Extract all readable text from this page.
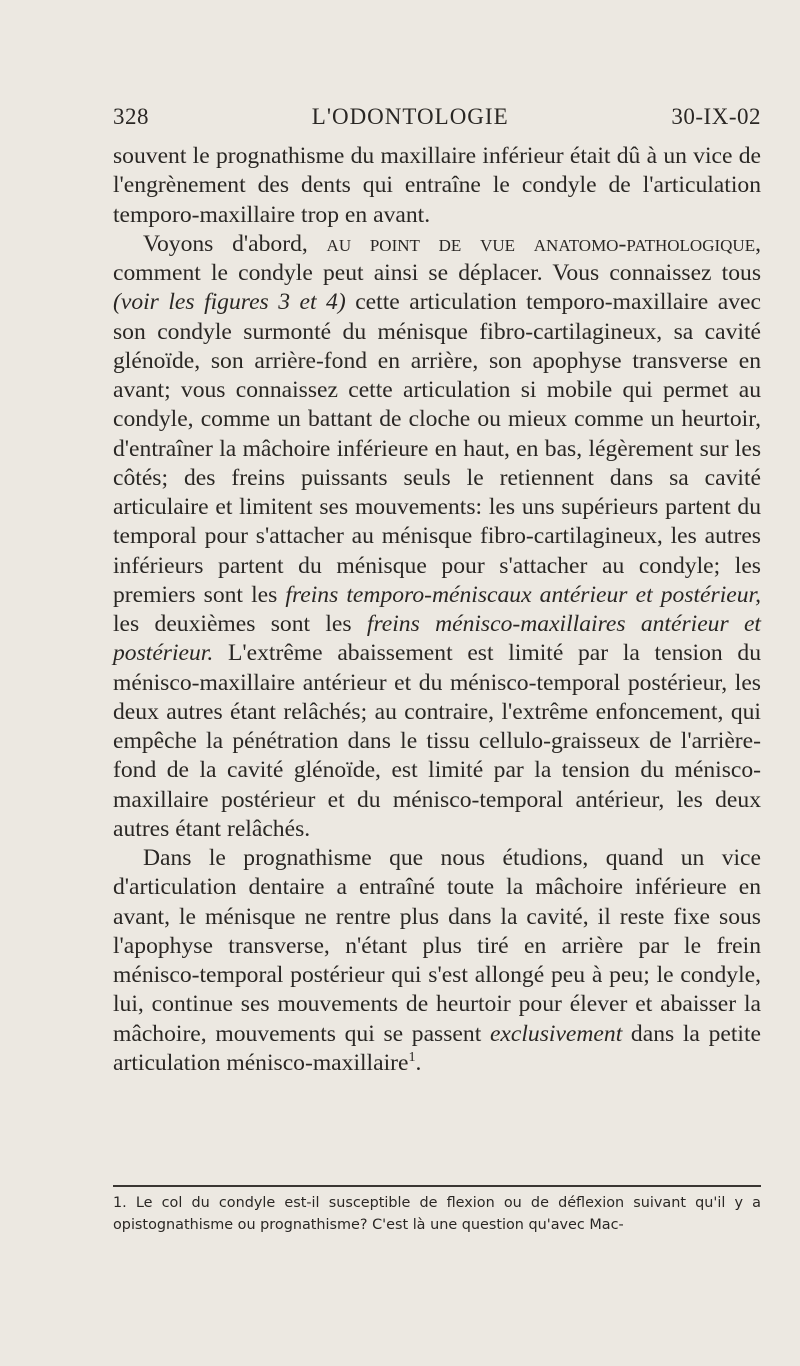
328	L'ODONTOLOGIE	30-IX-02

souvent le prognathisme du maxillaire inférieur était dû à un vice de l'engrènement des dents qui entraîne le condyle de l'articulation temporo-maxillaire trop en avant.

Voyons d'abord, au point de vue anatomo-pathologique, comment le condyle peut ainsi se déplacer. Vous connaissez tous (voir les figures 3 et 4) cette articulation temporo-maxillaire avec son condyle surmonté du ménisque fibro-cartilagineux, sa cavité glénoïde, son arrière-fond en arrière, son apophyse transverse en avant; vous connaissez cette articulation si mobile qui permet au condyle, comme un battant de cloche ou mieux comme un heurtoir, d'entraîner la mâchoire inférieure en haut, en bas, légèrement sur les côtés; des freins puissants seuls le retiennent dans sa cavité articulaire et limitent ses mouvements: les uns supérieurs partent du temporal pour s'attacher au ménisque fibro-cartilagineux, les autres inférieurs partent du ménisque pour s'attacher au condyle; les premiers sont les freins temporo-méniscaux antérieur et postérieur, les deuxièmes sont les freins ménisco-maxillaires antérieur et postérieur. L'extrême abaissement est limité par la tension du ménisco-maxillaire antérieur et du ménisco-temporal postérieur, les deux autres étant relâchés; au contraire, l'extrême enfoncement, qui empêche la pénétration dans le tissu cellulo-graisseux de l'arrière-fond de la cavité glénoïde, est limité par la tension du ménisco-maxillaire postérieur et du ménisco-temporal antérieur, les deux autres étant relâchés.

Dans le prognathisme que nous étudions, quand un vice d'articulation dentaire a entraîné toute la mâchoire inférieure en avant, le ménisque ne rentre plus dans la cavité, il reste fixe sous l'apophyse transverse, n'étant plus tiré en arrière par le frein ménisco-temporal postérieur qui s'est allongé peu à peu; le condyle, lui, continue ses mouvements de heurtoir pour élever et abaisser la mâchoire, mouvements qui se passent exclusivement dans la petite articulation ménisco-maxillaire$^1$.

1. Le col du condyle est-il susceptible de flexion ou de déflexion suivant qu'il y a opistognathisme ou prognathisme? C'est là une question qu'avec Mac-
